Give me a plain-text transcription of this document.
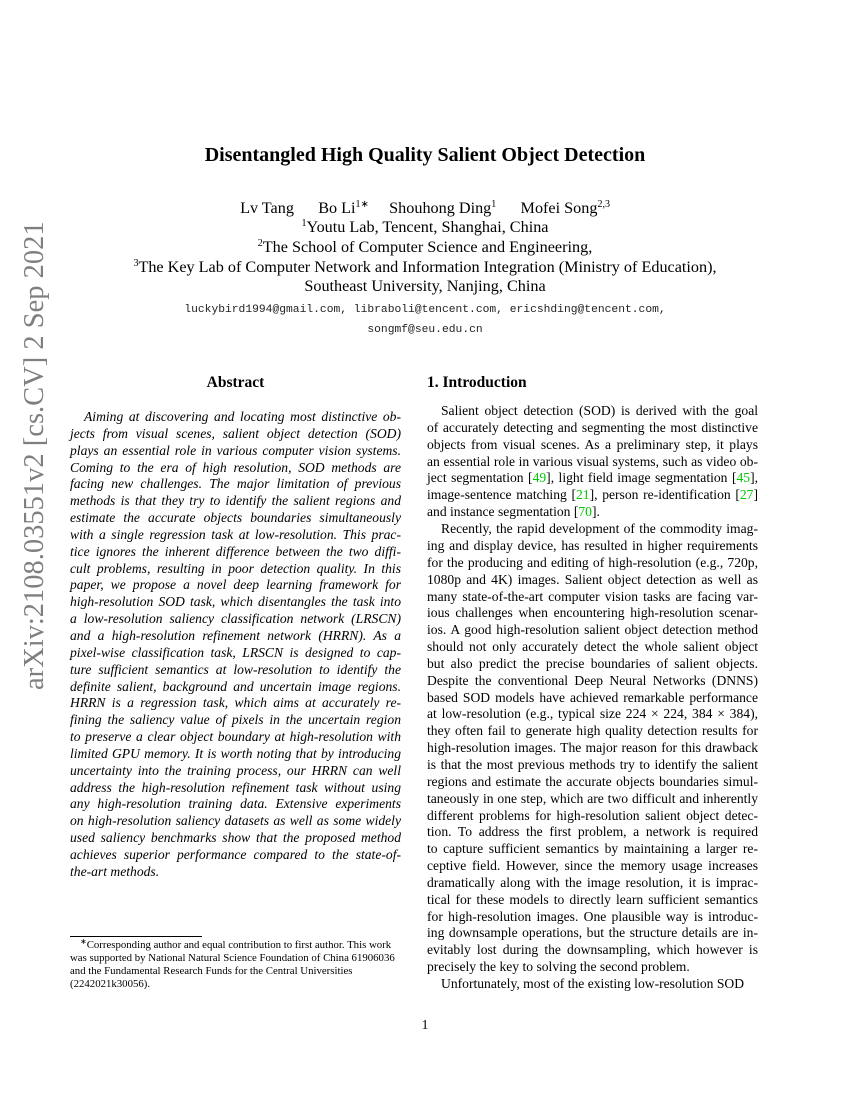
arXiv:2108.03551v2 [cs.CV] 2 Sep 2021
Disentangled High Quality Salient Object Detection
Lv Tang Bo $Li^{1∗}$ Shouhong Ding$^1$ Mofei Song$^{2,3}$
$^1$Youtu Lab, Tencent, Shanghai, China
$^2$The School of Computer Science and Engineering,
$^3$The Key Lab of Computer Network and Information Integration (Ministry of Education),
Southeast University, Nanjing, China
luckybird1994@gmail.com, libraboli@tencent.com, ericshding@tencent.com,
songmf@seu.edu.cn
Abstract
Aiming at discovering and locating most distinctive ob-
jects from visual scenes, salient object detection (SOD)
plays an essential role in various computer vision systems.
Coming to the era of high resolution, SOD methods are
facing new challenges. The major limitation of previous
methods is that they try to identify the salient regions and
estimate the accurate objects boundaries simultaneously
with a single regression task at low-resolution. This prac-
tice ignores the inherent difference between the two diffi-
cult problems, resulting in poor detection quality. In this
paper, we propose a novel deep learning framework for
high-resolution SOD task, which disentangles the task into
a low-resolution saliency classification network (LRSCN)
and a high-resolution refinement network (HRRN). As a
pixel-wise classification task, LRSCN is designed to cap-
ture sufficient semantics at low-resolution to identify the
definite salient, background and uncertain image regions.
HRRN is a regression task, which aims at accurately re-
fining the saliency value of pixels in the uncertain region
to preserve a clear object boundary at high-resolution with
limited GPU memory. It is worth noting that by introducing
uncertainty into the training process, our HRRN can well
address the high-resolution refinement task without using
any high-resolution training data. Extensive experiments
on high-resolution saliency datasets as well as some widely
used saliency benchmarks show that the proposed method
achieves superior performance compared to the state-of-
the-art methods.
1. Introduction
Salient object detection (SOD) is derived with the goal
of accurately detecting and segmenting the most distinctive
objects from visual scenes. As a preliminary step, it plays
an essential role in various visual systems, such as video ob-
ject segmentation [49], light field image segmentation [45],
image-sentence matching [21], person re-identification [27]
and instance segmentation [70].
Recently, the rapid development of the commodity imag-
ing and display device, has resulted in higher requirements
for the producing and editing of high-resolution (e.g., 720p,
1080p and 4K) images. Salient object detection as well as
many state-of-the-art computer vision tasks are facing var-
ious challenges when encountering high-resolution scenar-
ios. A good high-resolution salient object detection method
should not only accurately detect the whole salient object
but also predict the precise boundaries of salient objects.
Despite the conventional Deep Neural Networks (DNNS)
based SOD models have achieved remarkable performance
at low-resolution (e.g., typical size 224 × 224, 384 × 384),
they often fail to generate high quality detection results for
high-resolution images. The major reason for this drawback
is that the most previous methods try to identify the salient
regions and estimate the accurate objects boundaries simul-
taneously in one step, which are two difficult and inherently
different problems for high-resolution salient object detec-
tion. To address the first problem, a network is required
to capture sufficient semantics by maintaining a larger re-
ceptive field. However, since the memory usage increases
dramatically along with the image resolution, it is imprac-
tical for these models to directly learn sufficient semantics
for high-resolution images. One plausible way is introduc-
ing downsample operations, but the structure details are in-
evitably lost during the downsampling, which however is
precisely the key to solving the second problem.
Unfortunately, most of the existing low-resolution SOD
∗Corresponding author and equal contribution to first author. This work was supported by National Natural Science Foundation of China 61906036 and the Fundamental Research Funds for the Central Universities (2242021k30056).
1
